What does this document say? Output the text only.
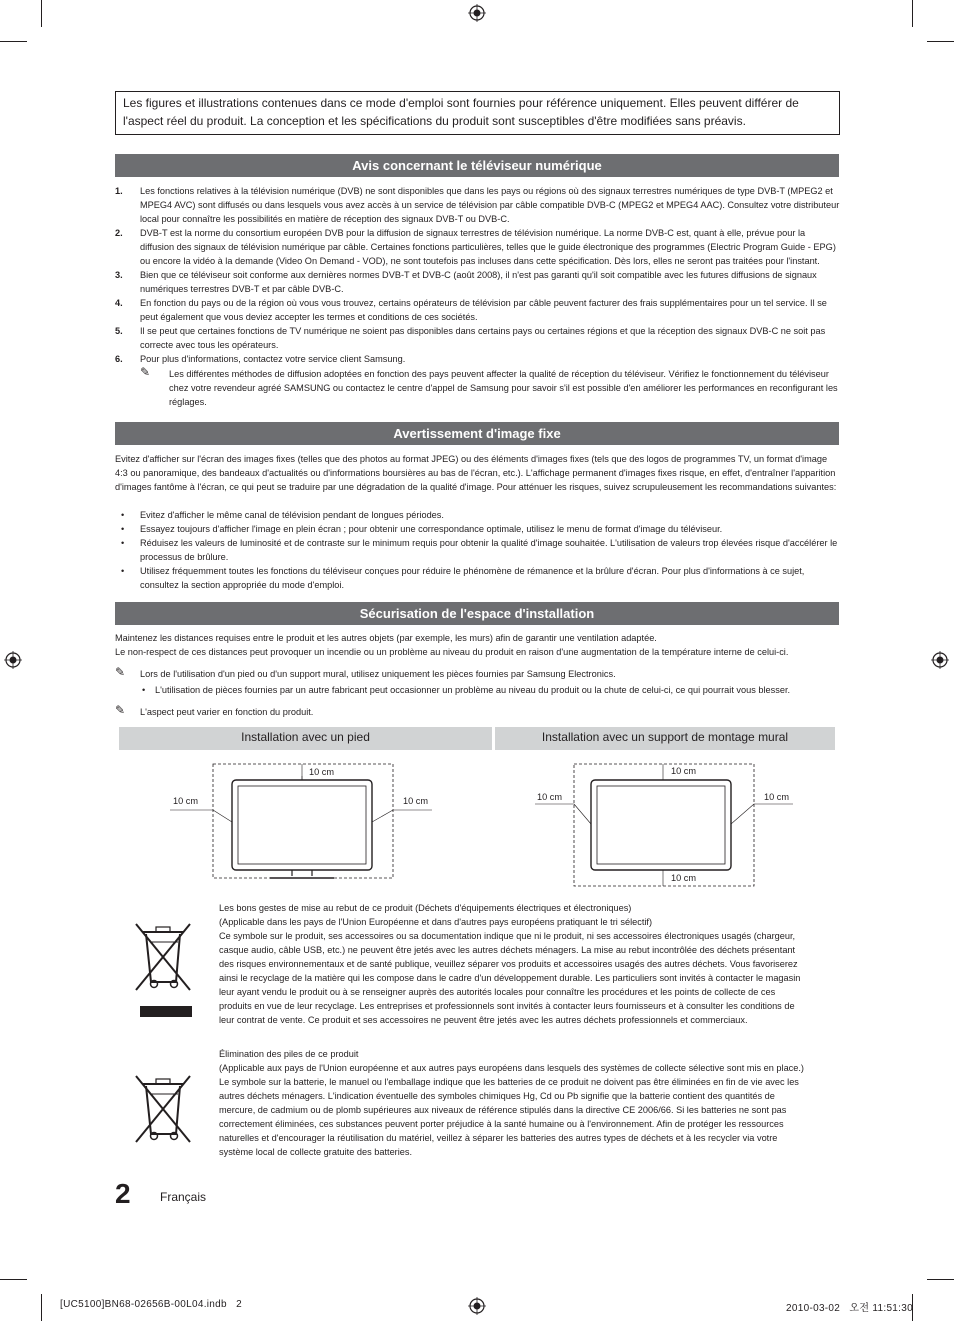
Les figures et illustrations contenues dans ce mode d'emploi sont fournies pour référence uniquement. Elles peuvent différer de l'aspect réel du produit. La conception et les spécifications du produit sont susceptibles d'être modifiées sans préavis.
Avis concernant le téléviseur numérique
1. Les fonctions relatives à la télévision numérique (DVB) ne sont disponibles que dans les pays ou régions où des signaux terrestres numériques de type DVB-T (MPEG2 et MPEG4 AVC) sont diffusés ou dans lesquels vous avez accès à un service de télévision par câble compatible DVB-C (MPEG2 et MPEG4 AAC). Consultez votre distributeur local pour connaître les possibilités en matière de réception des signaux DVB-T ou DVB-C.
2. DVB-T est la norme du consortium européen DVB pour la diffusion de signaux terrestres de télévision numérique. La norme DVB-C est, quant à elle, prévue pour la diffusion des signaux de télévision numérique par câble. Certaines fonctions particulières, telles que le guide électronique des programmes (Electric Program Guide - EPG) ou encore la vidéo à la demande (Video On Demand - VOD), ne sont toutefois pas incluses dans cette spécification. Dès lors, elles ne seront pas traitées pour l'instant.
3. Bien que ce téléviseur soit conforme aux dernières normes DVB-T et DVB-C (août 2008), il n'est pas garanti qu'il soit compatible avec les futures diffusions de signaux numériques terrestres DVB-T et par câble DVB-C.
4. En fonction du pays ou de la région où vous vous trouvez, certains opérateurs de télévision par câble peuvent facturer des frais supplémentaires pour un tel service. Il se peut également que vous deviez accepter les termes et conditions de ces sociétés.
5. Il se peut que certaines fonctions de TV numérique ne soient pas disponibles dans certains pays ou certaines régions et que la réception des signaux DVB-C ne soit pas correcte avec tous les opérateurs.
6. Pour plus d'informations, contactez votre service client Samsung.
✎ Les différentes méthodes de diffusion adoptées en fonction des pays peuvent affecter la qualité de réception du téléviseur. Vérifiez le fonctionnement du téléviseur chez votre revendeur agréé SAMSUNG ou contactez le centre d'appel de Samsung pour savoir s'il est possible d'en améliorer les performances en reconfigurant les réglages.
Avertissement d'image fixe
Evitez d'afficher sur l'écran des images fixes (telles que des photos au format JPEG) ou des éléments d'images fixes (tels que des logos de programmes TV, un format d'image 4:3 ou panoramique, des bandeaux d'actualités ou d'informations boursières au bas de l'écran, etc.). L'affichage permanent d'images fixes risque, en effet, d'entraîner l'apparition d'images fantôme à l'écran, ce qui peut se traduire par une dégradation de la qualité d'image. Pour atténuer les risques, suivez scrupuleusement les recommandations suivantes:
• Evitez d'afficher le même canal de télévision pendant de longues périodes.
• Essayez toujours d'afficher l'image en plein écran ; pour obtenir une correspondance optimale, utilisez le menu de format d'image du téléviseur.
• Réduisez les valeurs de luminosité et de contraste sur le minimum requis pour obtenir la qualité d'image souhaitée. L'utilisation de valeurs trop élevées risque d'accélérer le processus de brûlure.
• Utilisez fréquemment toutes les fonctions du téléviseur conçues pour réduire le phénomène de rémanence et la brûlure d'écran. Pour plus d'informations à ce sujet, consultez la section appropriée du mode d'emploi.
Sécurisation de l'espace d'installation
Maintenez les distances requises entre le produit et les autres objets (par exemple, les murs) afin de garantir une ventilation adaptée.
Le non-respect de ces distances peut provoquer un incendie ou un problème au niveau du produit en raison d'une augmentation de la température interne de celui-ci.
✎ Lors de l'utilisation d'un pied ou d'un support mural, utilisez uniquement les pièces fournies par Samsung Electronics.
• L'utilisation de pièces fournies par un autre fabricant peut occasionner un problème au niveau du produit ou la chute de celui-ci, ce qui pourrait vous blesser.
✎ L'aspect peut varier en fonction du produit.
Installation avec un pied	Installation avec un support de montage mural
10 cm
10 cm	10 cm
10 cm
10 cm	10 cm
10 cm
Les bons gestes de mise au rebut de ce produit (Déchets d'équipements électriques et électroniques)
(Applicable dans les pays de l'Union Européenne et dans d'autres pays européens pratiquant le tri sélectif)
Ce symbole sur le produit, ses accessoires ou sa documentation indique que ni le produit, ni ses accessoires électroniques usagés (chargeur, casque audio, câble USB, etc.) ne peuvent être jetés avec les autres déchets ménagers. La mise au rebut incontrôlée des déchets présentant des risques environnementaux et de santé publique, veuillez séparer vos produits et accessoires usagés des autres déchets. Vous favoriserez ainsi le recyclage de la matière qui les compose dans le cadre d'un développement durable. Les particuliers sont invités à contacter le magasin leur ayant vendu le produit ou à se renseigner auprès des autorités locales pour connaître les procédures et les points de collecte de ces produits en vue de leur recyclage. Les entreprises et professionnels sont invités à contacter leurs fournisseurs et à consulter les conditions de leur contrat de vente. Ce produit et ses accessoires ne peuvent être jetés avec les autres déchets professionnels et commerciaux.
Élimination des piles de ce produit
(Applicable aux pays de l'Union européenne et aux autres pays européens dans lesquels des systèmes de collecte sélective sont mis en place.)
Le symbole sur la batterie, le manuel ou l'emballage indique que les batteries de ce produit ne doivent pas être éliminées en fin de vie avec les autres déchets ménagers. L'indication éventuelle des symboles chimiques Hg, Cd ou Pb signifie que la batterie contient des quantités de mercure, de cadmium ou de plomb supérieures aux niveaux de référence stipulés dans la directive CE 2006/66. Si les batteries ne sont pas correctement éliminées, ces substances peuvent porter préjudice à la santé humaine ou à l'environnement. Afin de protéger les ressources naturelles et d'encourager la réutilisation du matériel, veillez à séparer les batteries des autres types de déchets et à les recycler via votre système local de collecte gratuite des batteries.
2 Français
[UC5100]BN68-02656B-00L04.indb   2	2010-03-02   오전 11:51:30
